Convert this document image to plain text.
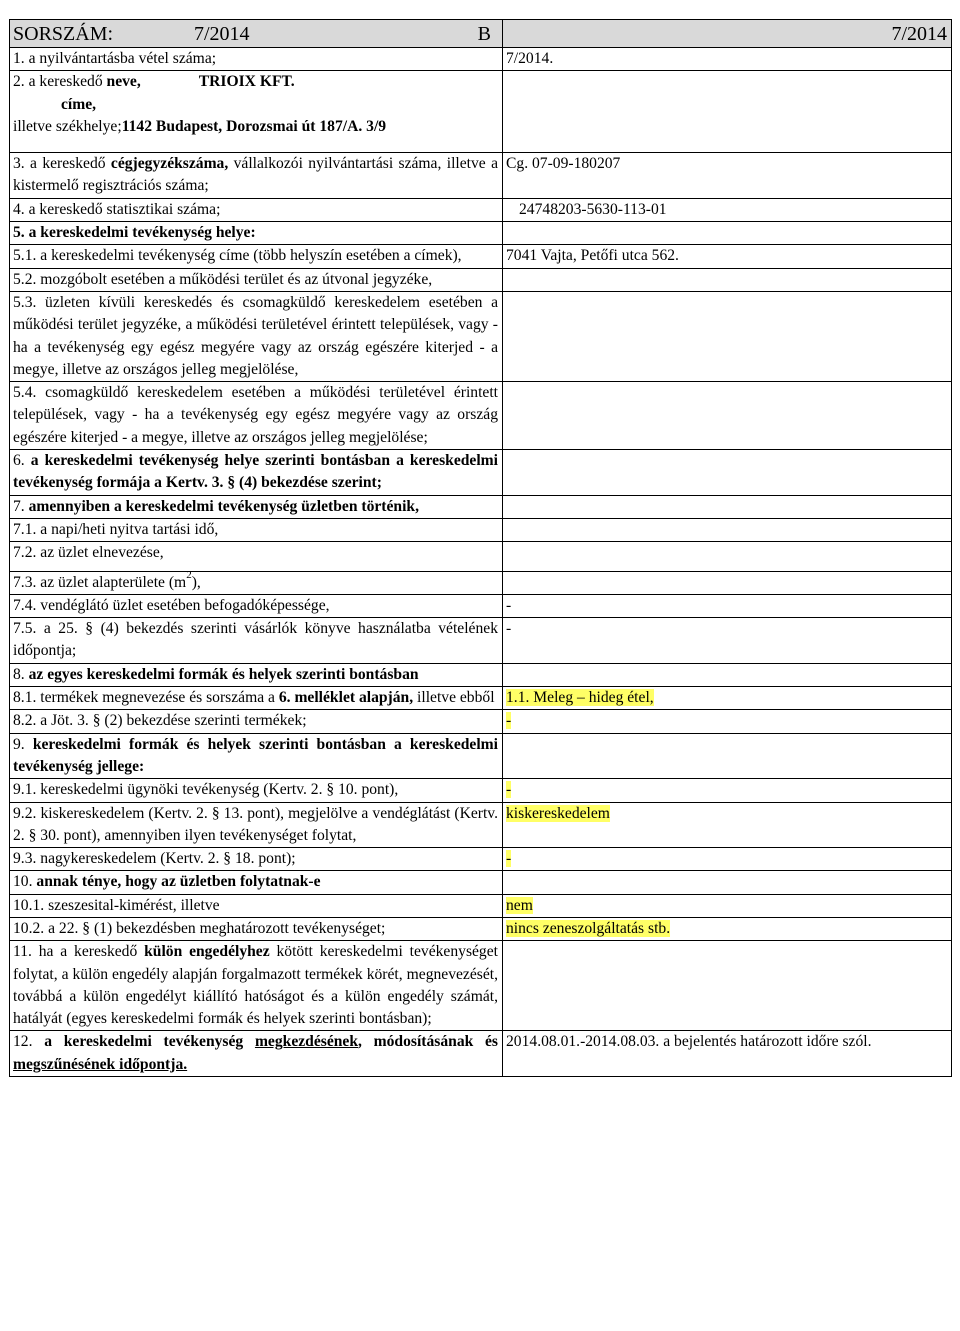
SORSZÁM: 7/2014 B	7/2014
1. a nyilvántartásba vétel száma;	7/2014.

2. a kereskedő neve, TRIOIX KFT.
címe,
illetve székhelye;1142 Budapest, Dorozsmai út 187/A. 3/9	

3. a kereskedő cégjegyzékszáma, vállalkozói nyilvántartási száma, illetve a kistermelő regisztrációs száma;	Cg. 07-09-180207
4. a kereskedő statisztikai száma;	24748203-5630-113-01
5. a kereskedelmi tevékenység helye:	
5.1. a kereskedelmi tevékenység címe (több helyszín esetében a címek),	7041 Vajta, Petőfi utca 562.
5.2. mozgóbolt esetében a működési terület és az útvonal jegyzéke,	
5.3. üzleten kívüli kereskedés és csomagküldő kereskedelem esetében a működési terület jegyzéke, a működési területével érintett települések, vagy - ha a tevékenység egy egész megyére vagy az ország egészére kiterjed - a megye, illetve az országos jelleg megjelölése,	
5.4. csomagküldő kereskedelem esetében a működési területével érintett települések, vagy - ha a tevékenység egy egész megyére vagy az ország egészére kiterjed - a megye, illetve az országos jelleg megjelölése;	
6. a kereskedelmi tevékenység helye szerinti bontásban a kereskedelmi tevékenység formája a Kertv. 3. § (4) bekezdése szerint;	
7. amennyiben a kereskedelmi tevékenység üzletben történik,	
7.1. a napi/heti nyitva tartási idő,	

7.2. az üzlet elnevezése,	

7.3. az üzlet alapterülete $(m^2)$,	
7.4. vendéglátó üzlet esetében befogadóképessége,	-
7.5. a 25. § (4) bekezdés szerinti vásárlók könyve használatba vételének időpontja;	-
8. az egyes kereskedelmi formák és helyek szerinti bontásban	
8.1. termékek megnevezése és sorszáma a 6. melléklet alapján, illetve ebből	1.1. Meleg – hideg étel,
8.2. a Jöt. 3. § (2) bekezdése szerinti termékek;	-
9. kereskedelmi formák és helyek szerinti bontásban a kereskedelmi tevékenység jellege:	
9.1. kereskedelmi ügynöki tevékenység (Kertv. 2. § 10. pont),	-
9.2. kiskereskedelem (Kertv. 2. § 13. pont), megjelölve a vendéglátást (Kertv. 2. § 30. pont), amennyiben ilyen tevékenységet folytat,	kiskereskedelem
9.3. nagykereskedelem (Kertv. 2. § 18. pont);	-
10. annak ténye, hogy az üzletben folytatnak-e	
10.1. szeszesital-kimérést, illetve	nem
10.2. a 22. § (1) bekezdésben meghatározott tevékenységet;	nincs zeneszolgáltatás stb.
11. ha a kereskedő külön engedélyhez kötött kereskedelmi tevékenységet folytat, a külön engedély alapján forgalmazott termékek körét, megnevezését, továbbá a külön engedélyt kiállító hatóságot és a külön engedély számát, hatályát (egyes kereskedelmi formák és helyek szerinti bontásban);	
12. a kereskedelmi tevékenység megkezdésének, módosításának és megszűnésének időpontja.	2014.08.01.-2014.08.03. a bejelentés határozott időre szól.
